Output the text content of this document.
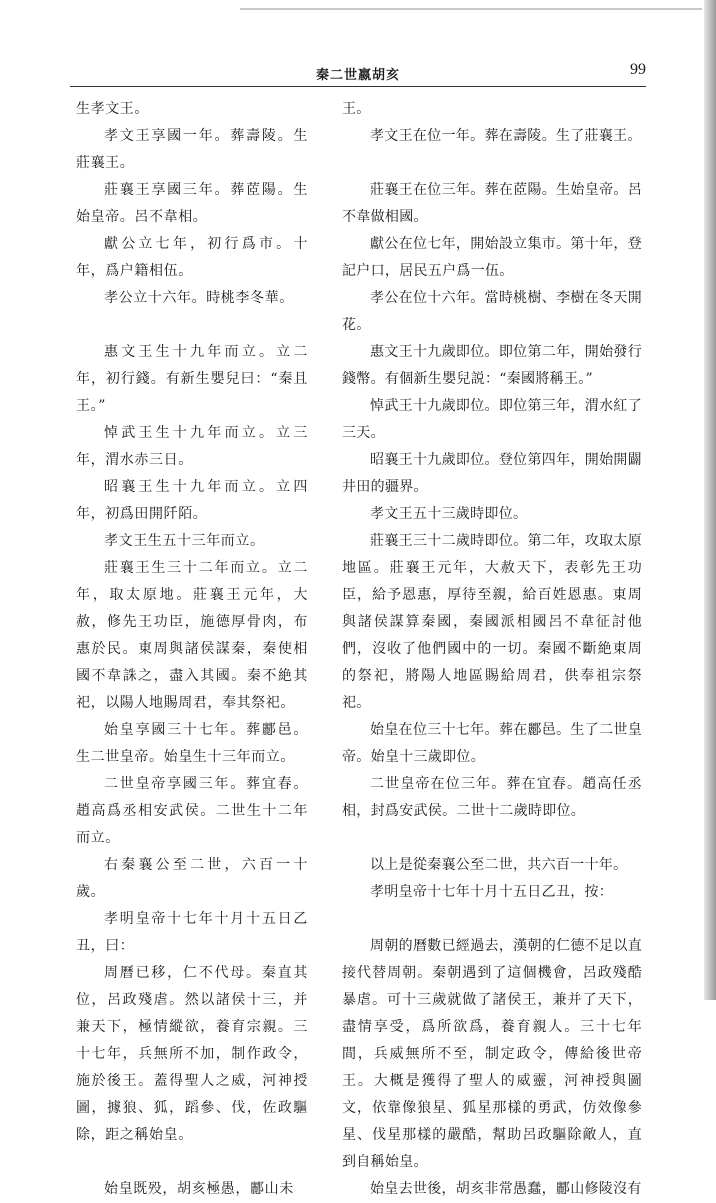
秦二世嬴胡亥	99

生孝文王。

孝文王享國一年。葬壽陵。生莊襄王。

莊襄王享國三年。葬茝陽。生始皇帝。呂不韋相。

獻公立七年，初行爲市。十年，爲户籍相伍。

孝公立十六年。時桃李冬華。

惠文王生十九年而立。立二年，初行錢。有新生嬰兒曰：“秦且王。”

悼武王生十九年而立。立三年，渭水赤三日。

昭襄王生十九年而立。立四年，初爲田開阡陌。

孝文王生五十三年而立。

莊襄王生三十二年而立。立二年，取太原地。莊襄王元年，大赦，修先王功臣，施德厚骨肉，布惠於民。東周與諸侯謀秦，秦使相國不韋誅之，盡入其國。秦不絶其祀，以陽人地賜周君，奉其祭祀。

始皇享國三十七年。葬酈邑。生二世皇帝。始皇生十三年而立。

二世皇帝享國三年。葬宜春。趙高爲丞相安武侯。二世生十二年而立。

右秦襄公至二世，六百一十歲。

孝明皇帝十七年十月十五日乙丑，曰：

周曆已移，仁不代母。秦直其位，呂政殘虐。然以諸侯十三，并兼天下，極情縱欲，養育宗親。三十七年，兵無所不加，制作政令，施於後王。蓋得聖人之威，河神授圖，據狼、狐，蹈參、伐，佐政驅除，距之稱始皇。

始皇既殁，胡亥極愚，酈山未

王。

孝文王在位一年。葬在壽陵。生了莊襄王。

莊襄王在位三年。葬在茝陽。生始皇帝。呂不韋做相國。

獻公在位七年，開始設立集市。第十年，登記户口，居民五户爲一伍。

孝公在位十六年。當時桃樹、李樹在冬天開花。

惠文王十九歲即位。即位第二年，開始發行錢幣。有個新生嬰兒説：“秦國將稱王。”

悼武王十九歲即位。即位第三年，渭水紅了三天。

昭襄王十九歲即位。登位第四年，開始開闢井田的疆界。

孝文王五十三歲時即位。

莊襄王三十二歲時即位。第二年，攻取太原地區。莊襄王元年，大赦天下，表彰先王功臣，給予恩惠，厚待至親，給百姓恩惠。東周與諸侯謀算秦國，秦國派相國呂不韋征討他們，沒收了他們國中的一切。秦國不斷絶東周的祭祀，將陽人地區賜給周君，供奉祖宗祭祀。

始皇在位三十七年。葬在酈邑。生了二世皇帝。始皇十三歲即位。

二世皇帝在位三年。葬在宜春。趙高任丞相，封爲安武侯。二世十二歲時即位。

以上是從秦襄公至二世，共六百一十年。

孝明皇帝十七年十月十五日乙丑，按：

周朝的曆數已經過去，漢朝的仁德不足以直接代替周朝。秦朝遇到了這個機會，呂政殘酷暴虐。可十三歲就做了諸侯王，兼并了天下，盡情享受，爲所欲爲，養育親人。三十七年間，兵威無所不至，制定政令，傳給後世帝王。大概是獲得了聖人的威靈，河神授與圖文，依靠像狼星、狐星那樣的勇武，仿效像參星、伐星那樣的嚴酷，幫助呂政驅除敵人，直到自稱始皇。

始皇去世後，胡亥非常愚蠢，酈山修陵沒有
